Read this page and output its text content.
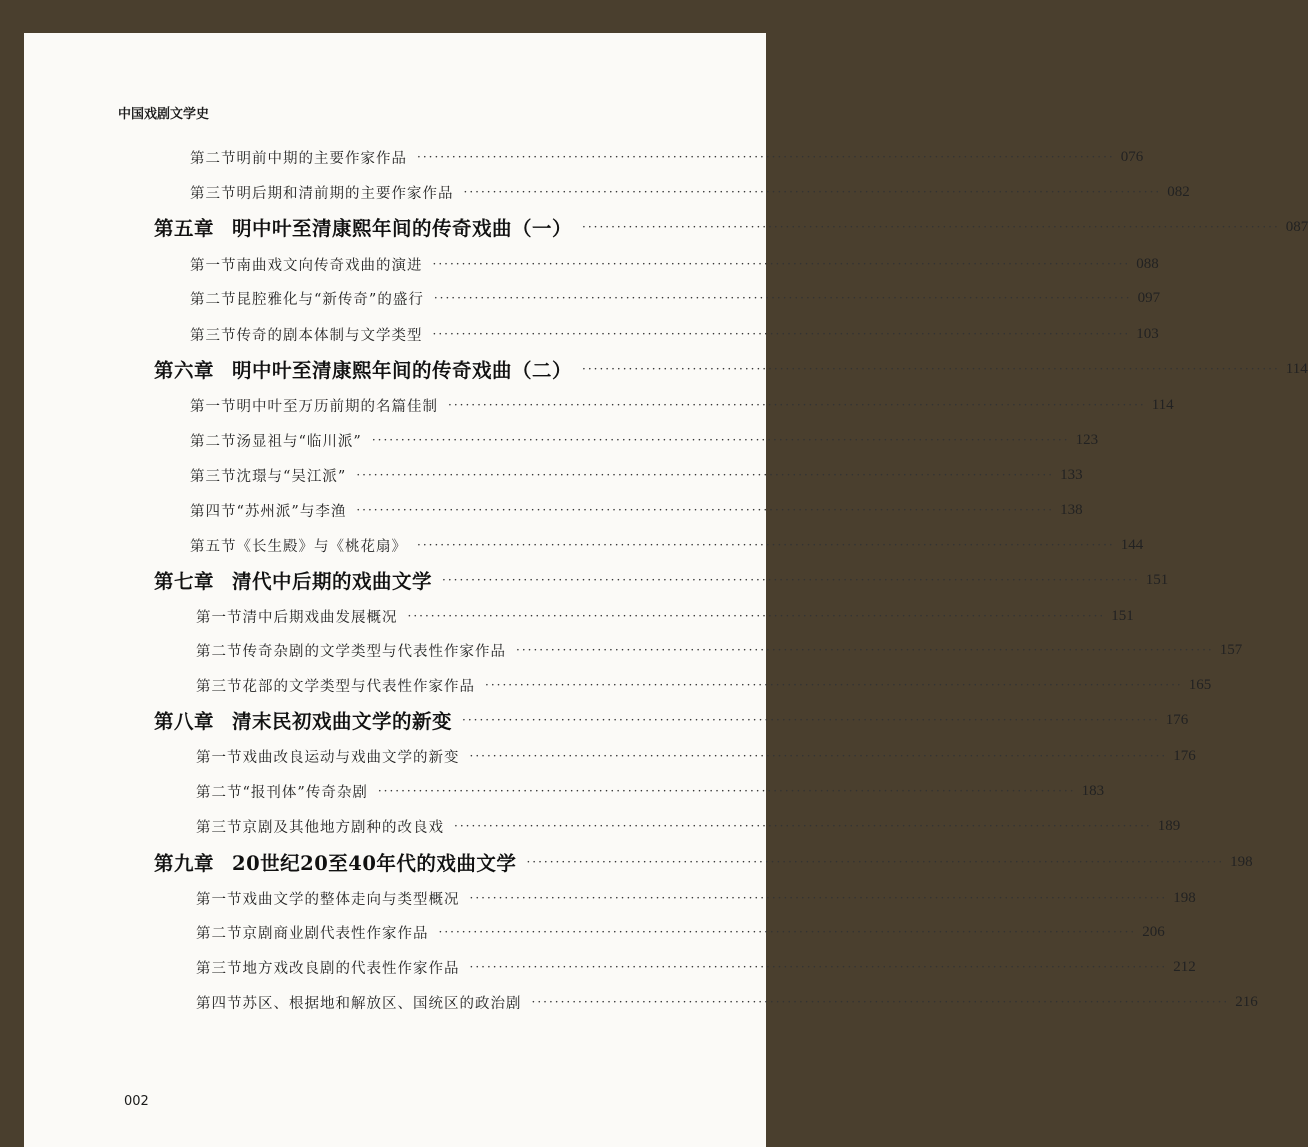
中国戏剧文学史
第二节 明前中期的主要作家作品 ························································································································ 076
第三节 明后期和清前期的主要作家作品 ························································································································ 082
第五章 明中叶至清康熙年间的传奇戏曲（一） ························································································································ 087
第一节 南曲戏文向传奇戏曲的演进 ························································································································ 088
第二节 昆腔雅化与“新传奇”的盛行 ························································································································ 097
第三节 传奇的剧本体制与文学类型 ························································································································ 103
第六章 明中叶至清康熙年间的传奇戏曲（二） ························································································································ 114
第一节 明中叶至万历前期的名篇佳制 ························································································································ 114
第二节 汤显祖与“临川派” ························································································································ 123
第三节 沈璟与“吴江派” ························································································································ 133
第四节 “苏州派”与李渔 ························································································································ 138
第五节 《长生殿》与《桃花扇》 ························································································································ 144
第七章 清代中后期的戏曲文学 ························································································································ 151
第一节 清中后期戏曲发展概况 ························································································································ 151
第二节 传奇杂剧的文学类型与代表性作家作品 ························································································································ 157
第三节 花部的文学类型与代表性作家作品 ························································································································ 165
第八章 清末民初戏曲文学的新变 ························································································································ 176
第一节 戏曲改良运动与戏曲文学的新变 ························································································································ 176
第二节 “报刊体”传奇杂剧 ························································································································ 183
第三节 京剧及其他地方剧种的改良戏 ························································································································ 189
第九章 20世纪20至40年代的戏曲文学 ························································································································ 198
第一节 戏曲文学的整体走向与类型概况 ························································································································ 198
第二节 京剧商业剧代表性作家作品 ························································································································ 206
第三节 地方戏改良剧的代表性作家作品 ························································································································ 212
第四节 苏区、根据地和解放区、国统区的政治剧 ························································································································ 216
002
